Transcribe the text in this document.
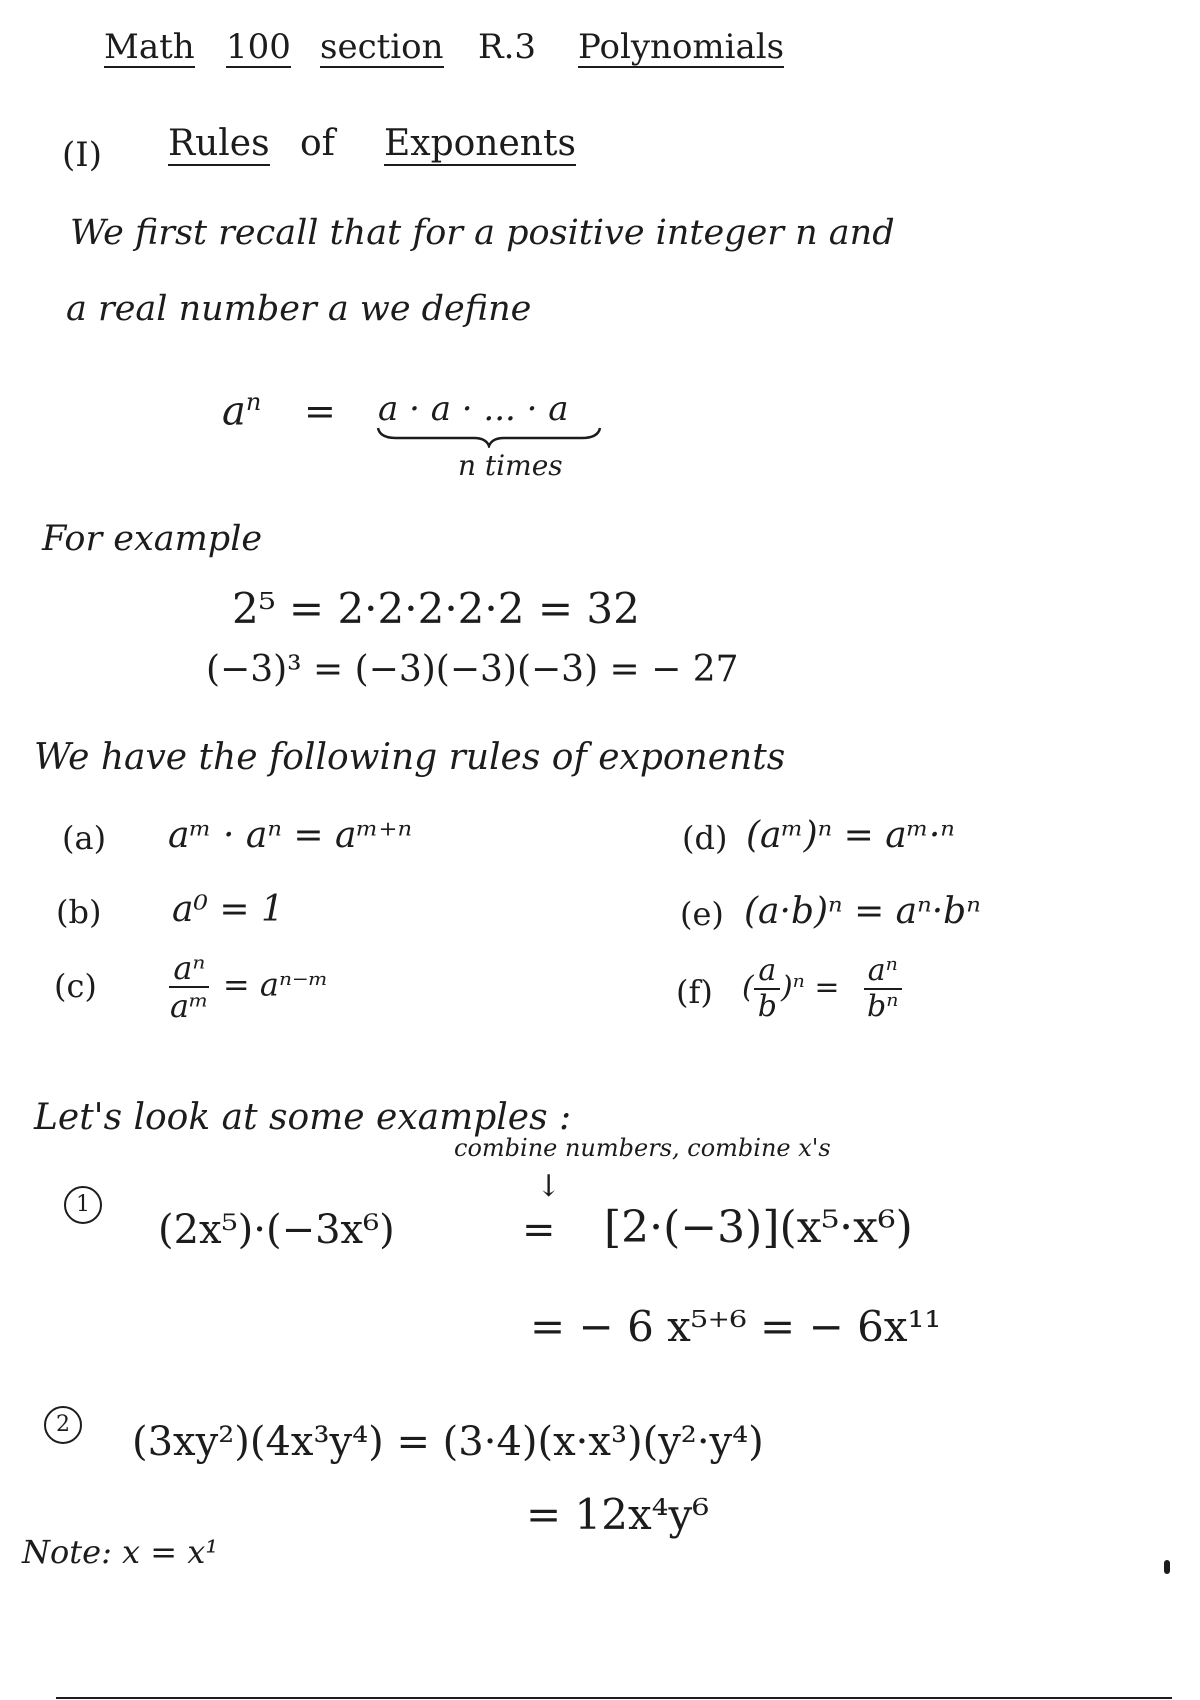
Math 100 section R.3 Polynomials
(I) Rules of Exponents
We first recall that for a positive integer n and
a real number a we define
$a^n = a \cdot a$ · ... · a
n times
For example
2⁵ = 2·2·2·2·2 = 32
(−3)³ = (−3)(−3)(−3) = − 27
We have the following rules of exponents
(a) aᵐ · aⁿ = aᵐ⁺ⁿ
(b) a⁰ = 1
$(c) \frac{\text{aⁿ}}{\text{aᵐ}}$ = aⁿ⁻ᵐ
(d) (aᵐ)ⁿ = aᵐ·ⁿ
(e) (a·b)ⁿ = aⁿ·bⁿ
(f) ( $\frac{a}{b} )^n = \frac{\text{aⁿ}}{\text{bⁿ}}$
Let's look at some examples :
combine numbers, combine x's
↓
1
(2x⁵)·(−3x⁶)	= [2·(−3)](x⁵·x⁶)
= − 6 x⁵⁺⁶ = − 6x¹¹
2	(3xy²)(4x³y⁴) = (3·4)(x·x³)(y²·y⁴)
= 12x⁴y⁶
Note: x = x¹
